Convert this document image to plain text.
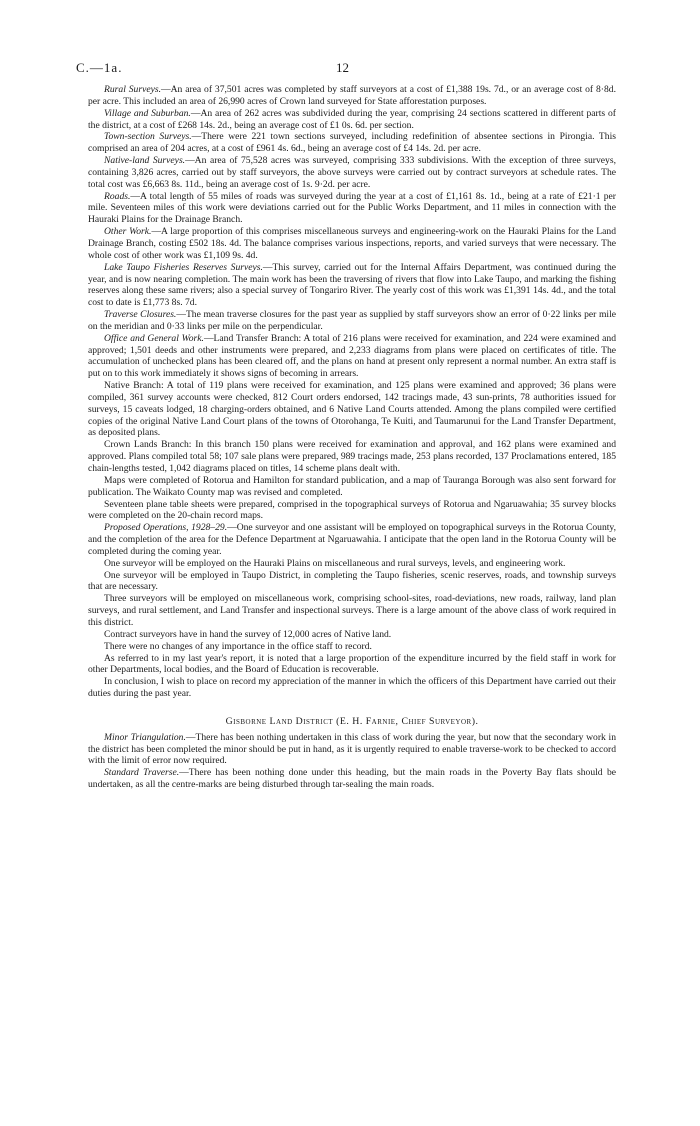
C.—1a.	12

Rural Surveys.—An area of 37,501 acres was completed by staff surveyors at a cost of £1,388 19s. 7d., or an average cost of 8·8d. per acre. This included an area of 26,990 acres of Crown land surveyed for State afforestation purposes.

Village and Suburban.—An area of 262 acres was subdivided during the year, comprising 24 sections scattered in different parts of the district, at a cost of £268 14s. 2d., being an average cost of £1 0s. 6d. per section.

Town-section Surveys.—There were 221 town sections surveyed, including redefinition of absentee sections in Pirongia. This comprised an area of 204 acres, at a cost of £961 4s. 6d., being an average cost of £4 14s. 2d. per acre.

Native-land Surveys.—An area of 75,528 acres was surveyed, comprising 333 subdivisions. With the exception of three surveys, containing 3,826 acres, carried out by staff surveyors, the above surveys were carried out by contract surveyors at schedule rates. The total cost was £6,663 8s. 11d., being an average cost of 1s. 9·2d. per acre.

Roads.—A total length of 55 miles of roads was surveyed during the year at a cost of £1,161 8s. 1d., being at a rate of £21·1 per mile. Seventeen miles of this work were deviations carried out for the Public Works Department, and 11 miles in connection with the Hauraki Plains for the Drainage Branch.

Other Work.—A large proportion of this comprises miscellaneous surveys and engineering-work on the Hauraki Plains for the Land Drainage Branch, costing £502 18s. 4d. The balance comprises various inspections, reports, and varied surveys that were necessary. The whole cost of other work was £1,109 9s. 4d.

Lake Taupo Fisheries Reserves Surveys.—This survey, carried out for the Internal Affairs Department, was continued during the year, and is now nearing completion. The main work has been the traversing of rivers that flow into Lake Taupo, and marking the fishing reserves along these same rivers; also a special survey of Tongariro River. The yearly cost of this work was £1,391 14s. 4d., and the total cost to date is £1,773 8s. 7d.

Traverse Closures.—The mean traverse closures for the past year as supplied by staff surveyors show an error of 0·22 links per mile on the meridian and 0·33 links per mile on the perpendicular.

Office and General Work.—Land Transfer Branch: A total of 216 plans were received for examination, and 224 were examined and approved; 1,501 deeds and other instruments were prepared, and 2,233 diagrams from plans were placed on certificates of title. The accumulation of unchecked plans has been cleared off, and the plans on hand at present only represent a normal number. An extra staff is put on to this work immediately it shows signs of becoming in arrears.

Native Branch: A total of 119 plans were received for examination, and 125 plans were examined and approved; 36 plans were compiled, 361 survey accounts were checked, 812 Court orders endorsed, 142 tracings made, 43 sun-prints, 78 authorities issued for surveys, 15 caveats lodged, 18 charging-orders obtained, and 6 Native Land Courts attended. Among the plans compiled were certified copies of the original Native Land Court plans of the towns of Otorohanga, Te Kuiti, and Taumarunui for the Land Transfer Department, as deposited plans.

Crown Lands Branch: In this branch 150 plans were received for examination and approval, and 162 plans were examined and approved. Plans compiled total 58; 107 sale plans were prepared, 989 tracings made, 253 plans recorded, 137 Proclamations entered, 185 chain-lengths tested, 1,042 diagrams placed on titles, 14 scheme plans dealt with.

Maps were completed of Rotorua and Hamilton for standard publication, and a map of Tauranga Borough was also sent forward for publication. The Waikato County map was revised and completed.

Seventeen plane table sheets were prepared, comprised in the topographical surveys of Rotorua and Ngaruawahia; 35 survey blocks were completed on the 20-chain record maps.

Proposed Operations, 1928–29.—One surveyor and one assistant will be employed on topographical surveys in the Rotorua County, and the completion of the area for the Defence Department at Ngaruawahia. I anticipate that the open land in the Rotorua County will be completed during the coming year.

One surveyor will be employed on the Hauraki Plains on miscellaneous and rural surveys, levels, and engineering work.

One surveyor will be employed in Taupo District, in completing the Taupo fisheries, scenic reserves, roads, and township surveys that are necessary.

Three surveyors will be employed on miscellaneous work, comprising school-sites, road-deviations, new roads, railway, land plan surveys, and rural settlement, and Land Transfer and inspectional surveys. There is a large amount of the above class of work required in this district.

Contract surveyors have in hand the survey of 12,000 acres of Native land.

There were no changes of any importance in the office staff to record.

As referred to in my last year's report, it is noted that a large proportion of the expenditure incurred by the field staff in work for other Departments, local bodies, and the Board of Education is recoverable.

In conclusion, I wish to place on record my appreciation of the manner in which the officers of this Department have carried out their duties during the past year.

Gisborne Land District (E. H. Farnie, Chief Surveyor).

Minor Triangulation.—There has been nothing undertaken in this class of work during the year, but now that the secondary work in the district has been completed the minor should be put in hand, as it is urgently required to enable traverse-work to be checked to accord with the limit of error now required.

Standard Traverse.—There has been nothing done under this heading, but the main roads in the Poverty Bay flats should be undertaken, as all the centre-marks are being disturbed through tar-sealing the main roads.
